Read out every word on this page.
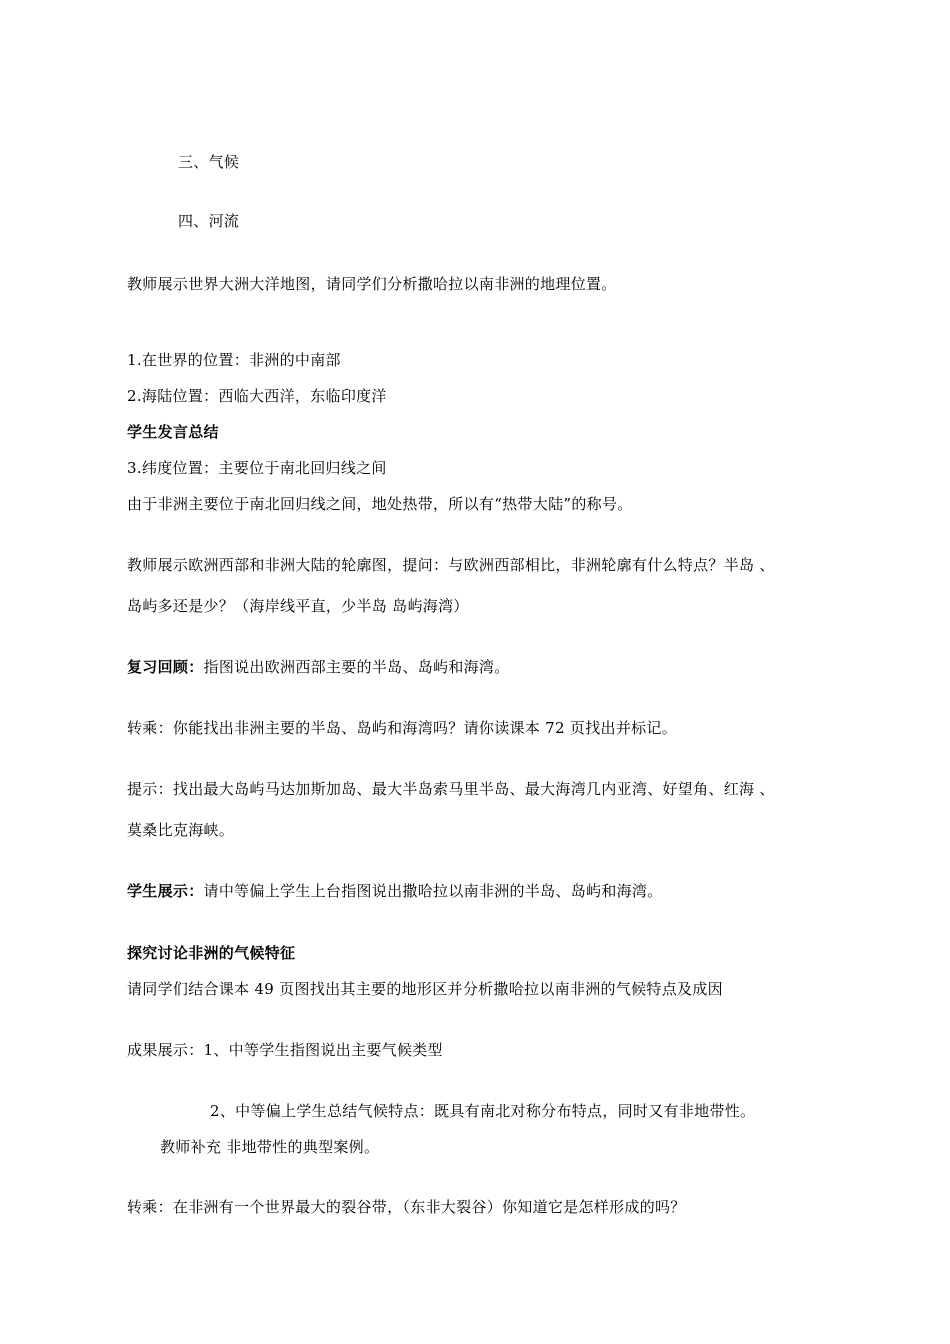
三、气候
四、河流
教师展示世界大洲大洋地图，请同学们分析撒哈拉以南非洲的地理位置。
1.在世界的位置：非洲的中南部
2.海陆位置：西临大西洋，东临印度洋
学生发言总结
3.纬度位置：主要位于南北回归线之间
由于非洲主要位于南北回归线之间，地处热带，所以有“热带大陆”的称号。
教师展示欧洲西部和非洲大陆的轮廓图，提问：与欧洲西部相比，非洲轮廓有什么特点？半岛 、
岛屿多还是少？（海岸线平直，少半岛 岛屿海湾）
复习回顾：指图说出欧洲西部主要的半岛、岛屿和海湾。
转乘：你能找出非洲主要的半岛、岛屿和海湾吗？请你读课本 72 页找出并标记。
提示：找出最大岛屿马达加斯加岛、最大半岛索马里半岛、最大海湾几内亚湾、好望角、红海 、
莫桑比克海峡。
学生展示：请中等偏上学生上台指图说出撒哈拉以南非洲的半岛、岛屿和海湾。
探究讨论非洲的气候特征
请同学们结合课本 49 页图找出其主要的地形区并分析撒哈拉以南非洲的气候特点及成因
成果展示：1、中等学生指图说出主要气候类型
2、中等偏上学生总结气候特点：既具有南北对称分布特点，同时又有非地带性。
教师补充 非地带性的典型案例。
转乘：在非洲有一个世界最大的裂谷带，（东非大裂谷）你知道它是怎样形成的吗？
